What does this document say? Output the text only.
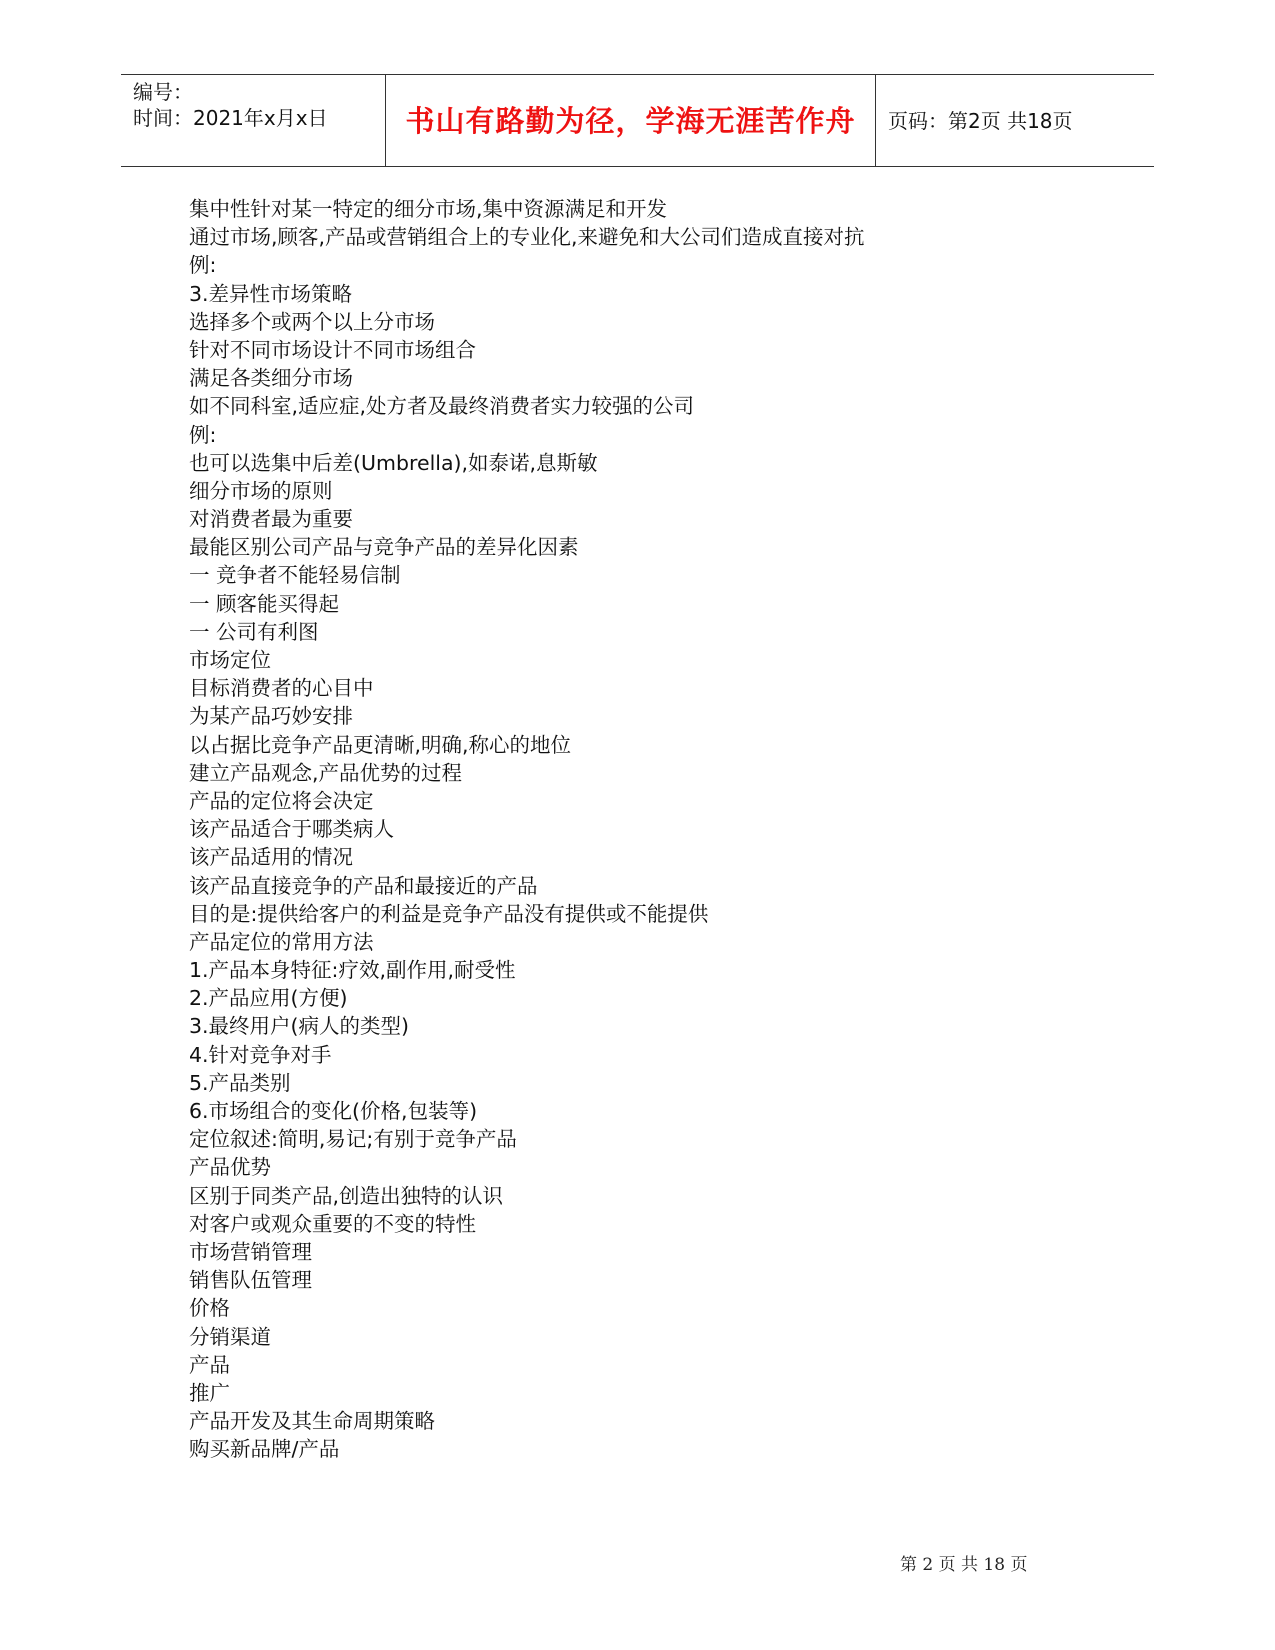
编号：
时间：2021年x月x日	书山有路勤为径，学海无涯苦作舟	页码：第2页 共18页
集中性针对某一特定的细分市场,集中资源满足和开发
通过市场,顾客,产品或营销组合上的专业化,来避免和大公司们造成直接对抗
例:
3.差异性市场策略
选择多个或两个以上分市场
针对不同市场设计不同市场组合
满足各类细分市场
如不同科室,适应症,处方者及最终消费者实力较强的公司
例:
也可以选集中后差(Umbrella),如泰诺,息斯敏
细分市场的原则
对消费者最为重要
最能区别公司产品与竞争产品的差异化因素
一 竞争者不能轻易信制
一 顾客能买得起
一 公司有利图
市场定位
目标消费者的心目中
为某产品巧妙安排
以占据比竞争产品更清晰,明确,称心的地位
建立产品观念,产品优势的过程
产品的定位将会决定
该产品适合于哪类病人
该产品适用的情况
该产品直接竞争的产品和最接近的产品
目的是:提供给客户的利益是竞争产品没有提供或不能提供
产品定位的常用方法
1.产品本身特征:疗效,副作用,耐受性
2.产品应用(方便)
3.最终用户(病人的类型)
4.针对竞争对手
5.产品类别
6.市场组合的变化(价格,包装等)
定位叙述:简明,易记;有别于竞争产品
产品优势
区别于同类产品,创造出独特的认识
对客户或观众重要的不变的特性
市场营销管理
销售队伍管理
价格
分销渠道
产品
推广
产品开发及其生命周期策略
购买新品牌/产品
第 2 页 共 18 页
